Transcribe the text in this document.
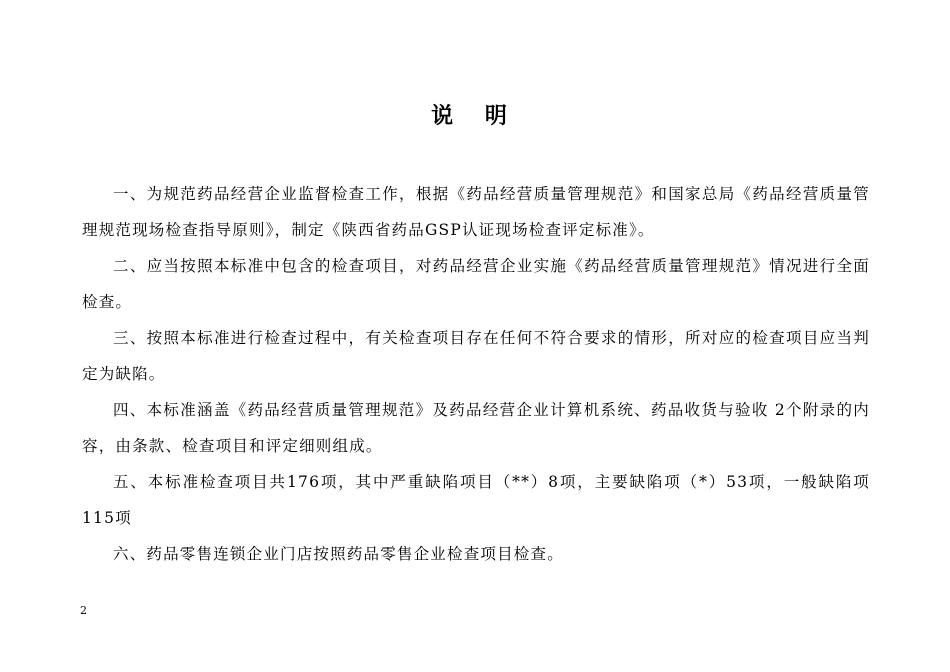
说 明

一、为规范药品经营企业监督检查工作，根据《药品经营质量管理规范》和国家总局《药品经营质量管理规范现场检查指导原则》，制定《陕西省药品GSP认证现场检查评定标准》。

二、应当按照本标准中包含的检查项目，对药品经营企业实施《药品经营质量管理规范》情况进行全面检查。

三、按照本标准进行检查过程中，有关检查项目存在任何不符合要求的情形，所对应的检查项目应当判定为缺陷。

四、本标准涵盖《药品经营质量管理规范》及药品经营企业计算机系统、药品收货与验收 2个附录的内容，由条款、检查项目和评定细则组成。

五、本标准检查项目共176项，其中严重缺陷项目（**）8项，主要缺陷项（*）53项，一般缺陷项115项

六、药品零售连锁企业门店按照药品零售企业检查项目检查。

2
